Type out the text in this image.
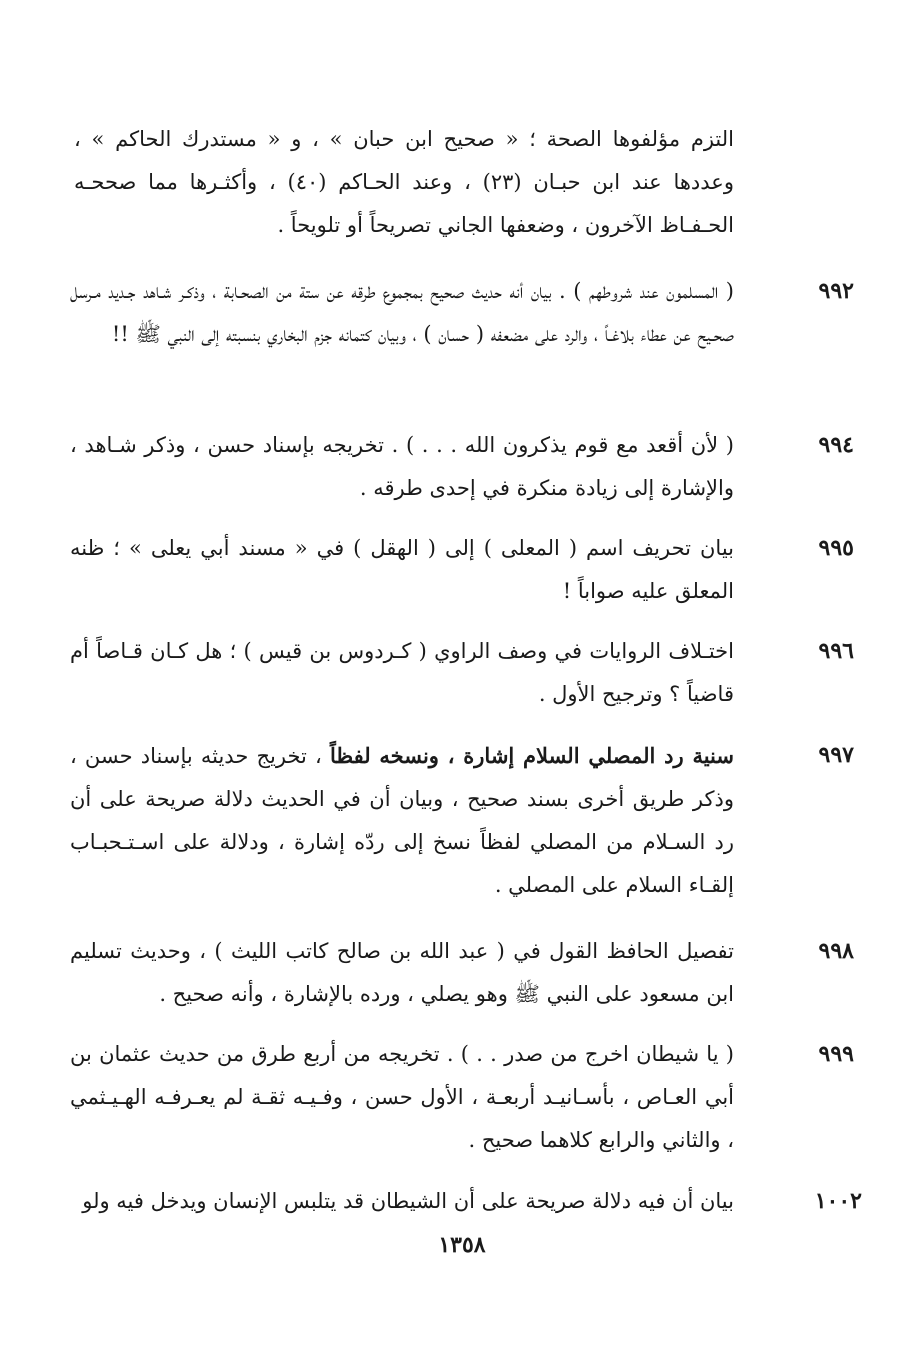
التزم مؤلفوها الصحة ؛ « صحيح ابن حبان » ، و « مستدرك الحاكم » ، وعددها عند ابن حبـان (٢٣) ، وعند الحـاكم (٤٠) ، وأكثـرها مما صححـه الحـفـاظ الآخرون ، وضعفها الجاني تصريحاً أو تلويحاً .
٩٩٢
( المسلمون عند شروطهم ) . بيان أنه حديث صحيح بمجموع طرقه عن ستة من الصحـابة ، وذكـر شـاهد جـديد مـرسل صحـيح عن عطاء بلاغـاً ، والرد على مضعفه ( حسان ) ، وبيان كتمانه جزم البخاري بنسبته إلى النبي ﷺ !!
٩٩٤
( لأن أقعد مع قوم يذكرون الله . . . ) . تخريجه بإسناد حسن ، وذكر شـاهد ، والإشارة إلى زيادة منكرة في إحدى طرقه .
٩٩٥
بيان تحريف اسم ( المعلى ) إلى ( الهقل ) في « مسند أبي يعلى » ؛ ظنه المعلق عليه صواباً !
٩٩٦
اختـلاف الروايات في وصف الراوي ( كـردوس بن قيس ) ؛ هل كـان قـاصاً أم قاضياً ؟ وترجيح الأول .
٩٩٧
سنية رد المصلي السلام إشارة ، ونسخه لفظاً ، تخريج حديثه بإسناد حسن ، وذكر طريق أخرى بسند صحيح ، وبيان أن في الحديث دلالة صريحة على أن رد السـلام من المصلي لفظاً نسخ إلى ردّه إشارة ، ودلالة على اسـتـحبـاب إلقـاء السلام على المصلي .
٩٩٨
تفصيل الحافظ القول في ( عبد الله بن صالح كاتب الليث ) ، وحديث تسليم ابن مسعود على النبي ﷺ وهو يصلي ، ورده بالإشارة ، وأنه صحيح .
٩٩٩
( يا شيطان اخرج من صدر . . ) . تخريجه من أربع طرق من حديث عثمان بن أبي العـاص ، بأسـانيـد أربعـة ، الأول حسن ، وفـيـه ثقـة لم يعـرفـه الهـيـثمي ، والثاني والرابع كلاهما صحيح .
١٠٠٢
بيان أن فيه دلالة صريحة على أن الشيطان قد يتلبس الإنسان ويدخل فيه ولو
١٣٥٨
